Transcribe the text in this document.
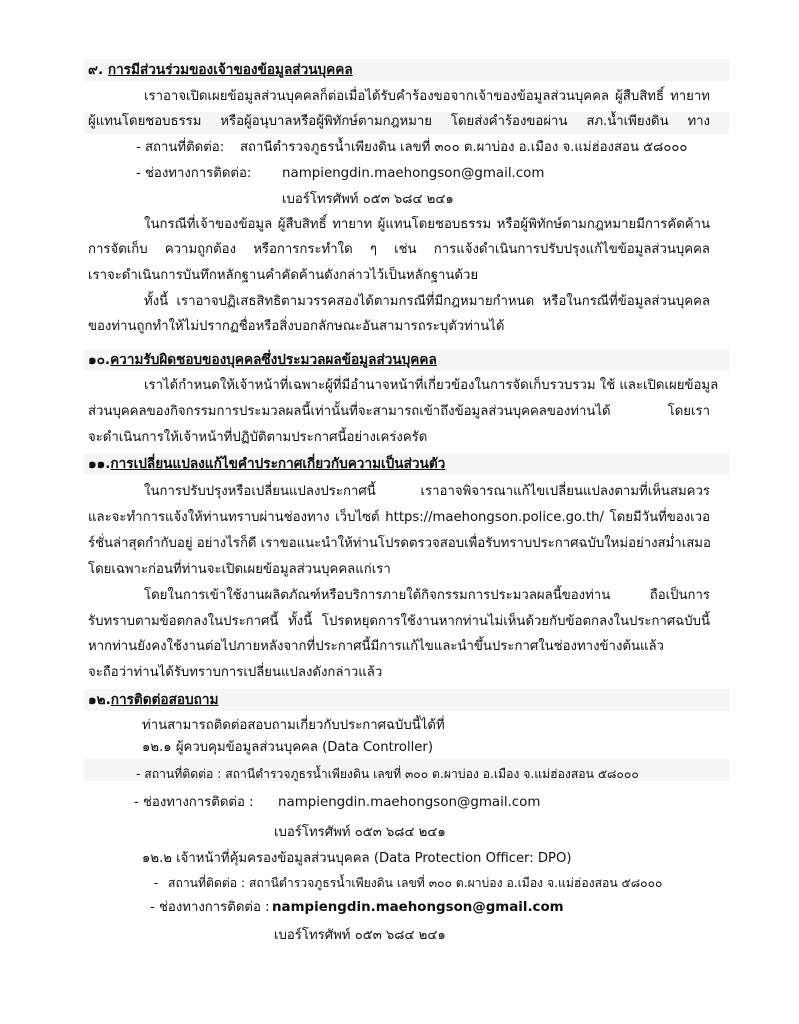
๙. การมีส่วนร่วมของเจ้าของข้อมูลส่วนบุคคล
เราอาจเปิดเผยข้อมูลส่วนบุคคลก็ต่อเมื่อได้รับคำร้องขอจากเจ้าของข้อมูลส่วนบุคคล ผู้สืบสิทธิ์ ทายาท
ผู้แทนโดยชอบธรรม หรือผู้อนุบาลหรือผู้พิทักษ์ตามกฎหมาย โดยส่งคำร้องขอผ่าน สภ.น้ำเพียงดิน ทาง
- สถานที่ติดต่อ: สถานีตำรวจภูธรน้ำเพียงดิน เลขที่ ๓๐๐ ต.ผาบ่อง อ.เมือง จ.แม่ฮ่องสอน ๕๘๐๐๐
- ช่องทางการติดต่อ: nampiengdin.maehongson@gmail.com
เบอร์โทรศัพท์ ๐๕๓ ๖๘๔ ๒๔๑
ในกรณีที่เจ้าของข้อมูล ผู้สืบสิทธิ์ ทายาท ผู้แทนโดยชอบธรรม หรือผู้พิทักษ์ตามกฎหมายมีการคัดค้าน
การจัดเก็บ ความถูกต้อง หรือการกระทำใด ๆ เช่น การแจ้งดำเนินการปรับปรุงแก้ไขข้อมูลส่วนบุคคล
เราจะดำเนินการบันทึกหลักฐานคำคัดค้านดังกล่าวไว้เป็นหลักฐานด้วย
ทั้งนี้ เราอาจปฏิเสธสิทธิตามวรรคสองได้ตามกรณีที่มีกฎหมายกำหนด หรือในกรณีที่ข้อมูลส่วนบุคคล
ของท่านถูกทำให้ไม่ปรากฏชื่อหรือสิ่งบอกลักษณะอันสามารถระบุตัวท่านได้
๑๐.ความรับผิดชอบของบุคคลซึ่งประมวลผลข้อมูลส่วนบุคคล
เราได้กำหนดให้เจ้าหน้าที่เฉพาะผู้ที่มีอำนาจหน้าที่เกี่ยวข้องในการจัดเก็บรวบรวม ใช้ และเปิดเผยข้อมูล
ส่วนบุคคลของกิจกรรมการประมวลผลนี้เท่านั้นที่จะสามารถเข้าถึงข้อมูลส่วนบุคคลของท่านได้ โดยเรา
จะดำเนินการให้เจ้าหน้าที่ปฏิบัติตามประกาศนี้อย่างเคร่งครัด
๑๑.การเปลี่ยนแปลงแก้ไขคำประกาศเกี่ยวกับความเป็นส่วนตัว
ในการปรับปรุงหรือเปลี่ยนแปลงประกาศนี้ เราอาจพิจารณาแก้ไขเปลี่ยนแปลงตามที่เห็นสมควร
และจะทำการแจ้งให้ท่านทราบผ่านช่องทาง เว็บไซต์ https://maehongson.police.go.th/ โดยมีวันที่ของเวอ
ร์ชั่นล่าสุดกำกับอยู่ อย่างไรก็ดี เราขอแนะนำให้ท่านโปรดตรวจสอบเพื่อรับทราบประกาศฉบับใหม่อย่างสม่ำเสมอ
โดยเฉพาะก่อนที่ท่านจะเปิดเผยข้อมูลส่วนบุคคลแก่เรา
โดยในการเข้าใช้งานผลิตภัณฑ์หรือบริการภายใต้กิจกรรมการประมวลผลนี้ของท่าน ถือเป็นการ
รับทราบตามข้อตกลงในประกาศนี้ ทั้งนี้ โปรดหยุดการใช้งานหากท่านไม่เห็นด้วยกับข้อตกลงในประกาศฉบับนี้
หากท่านยังคงใช้งานต่อไปภายหลังจากที่ประกาศนี้มีการแก้ไขและนำขึ้นประกาศในช่องทางข้างต้นแล้ว
จะถือว่าท่านได้รับทราบการเปลี่ยนแปลงดังกล่าวแล้ว
๑๒.การติดต่อสอบถาม
ท่านสามารถติดต่อสอบถามเกี่ยวกับประกาศฉบับนี้ได้ที่
๑๒.๑ ผู้ควบคุมข้อมูลส่วนบุคคล (Data Controller)
- สถานที่ติดต่อ : สถานีตำรวจภูธรน้ำเพียงดิน เลขที่ ๓๐๐ ต.ผาบ่อง อ.เมือง จ.แม่ฮ่องสอน ๕๘๐๐๐
- ช่องทางการติดต่อ : nampiengdin.maehongson@gmail.com
เบอร์โทรศัพท์ ๐๕๓ ๖๘๔ ๒๔๑
๑๒.๒ เจ้าหน้าที่คุ้มครองข้อมูลส่วนบุคคล (Data Protection Officer: DPO)
- สถานที่ติดต่อ : สถานีตำรวจภูธรน้ำเพียงดิน เลขที่ ๓๐๐ ต.ผาบ่อง อ.เมือง จ.แม่ฮ่องสอน ๕๘๐๐๐
- ช่องทางการติดต่อ : nampiengdin.maehongson@gmail.com
เบอร์โทรศัพท์ ๐๕๓ ๖๘๔ ๒๔๑
